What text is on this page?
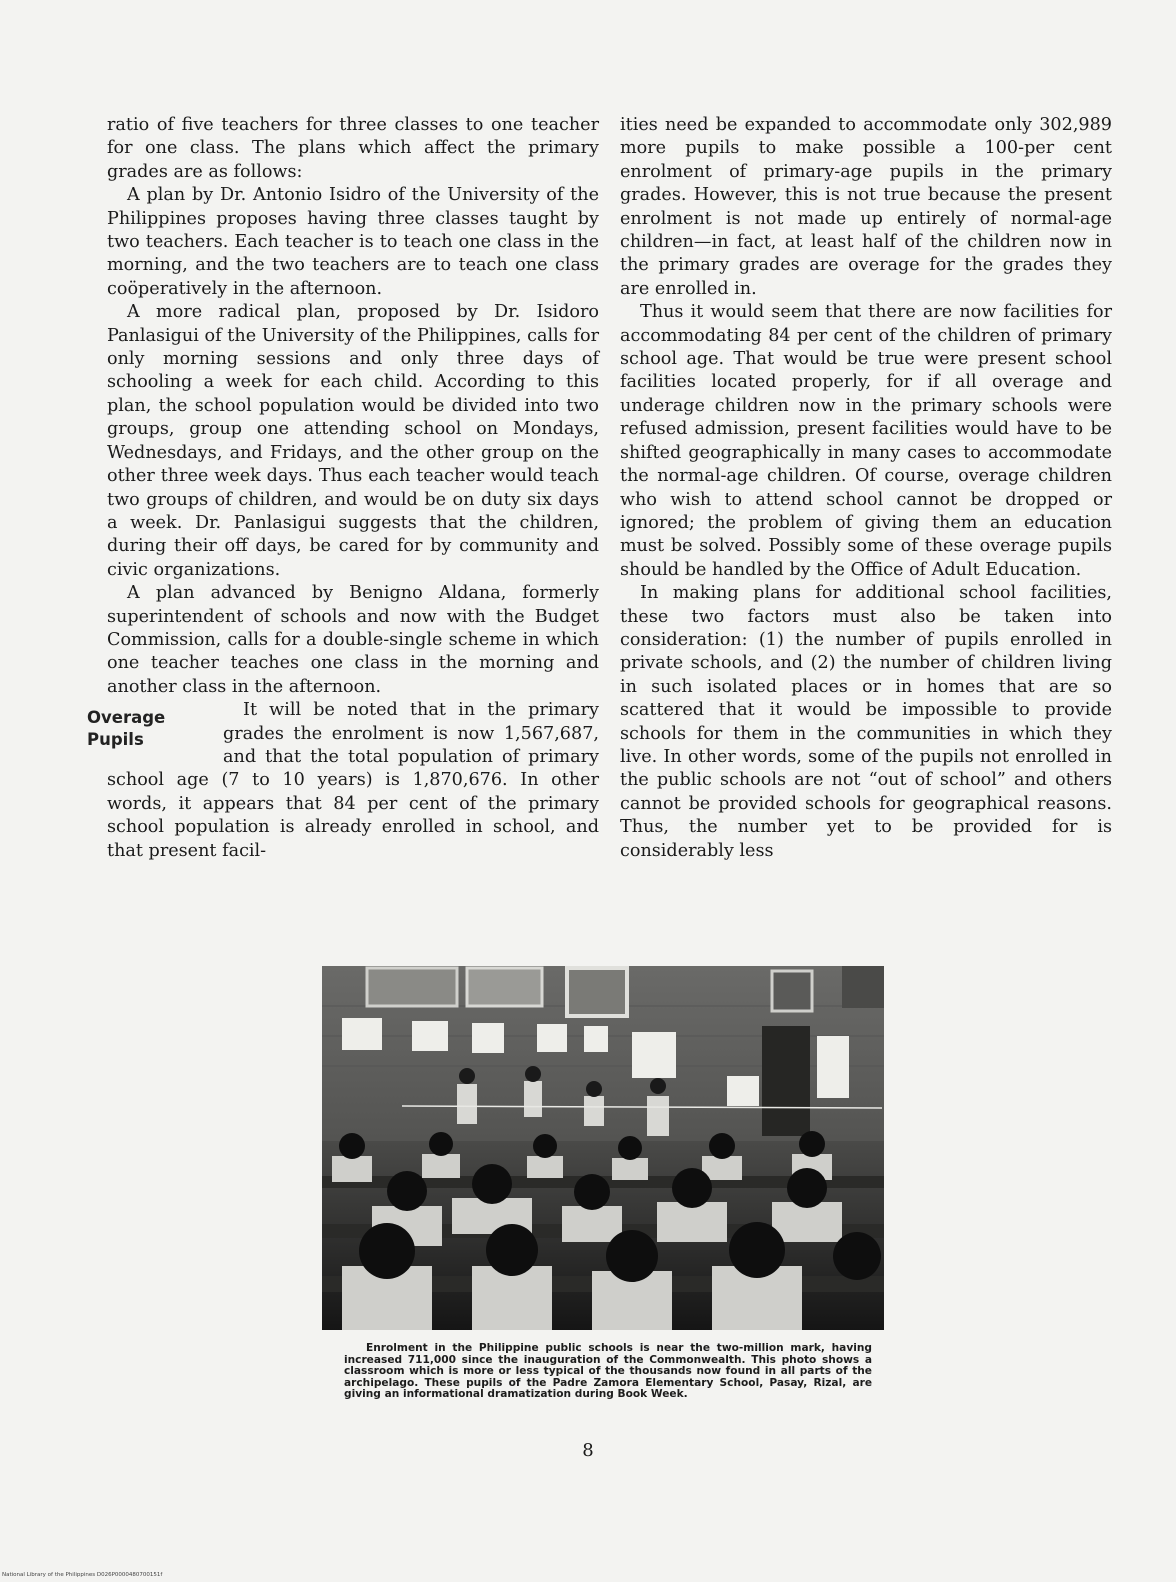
ratio of five teachers for three classes to one teacher for one class. The plans which affect the primary grades are as follows:

A plan by Dr. Antonio Isidro of the University of the Philippines proposes having three classes taught by two teachers. Each teacher is to teach one class in the morning, and the two teachers are to teach one class coöperatively in the afternoon.

A more radical plan, proposed by Dr. Isidoro Panlasigui of the University of the Philippines, calls for only morning sessions and only three days of schooling a week for each child. According to this plan, the school population would be divided into two groups, group one attending school on Mondays, Wednesdays, and Fridays, and the other group on the other three week days. Thus each teacher would teach two groups of children, and would be on duty six days a week. Dr. Panlasigui suggests that the children, during their off days, be cared for by community and civic organizations.

A plan advanced by Benigno Aldana, formerly superintendent of schools and now with the Budget Commission, calls for a double-single scheme in which one teacher teaches one class in the morning and another class in the afternoon.

Overage Pupils
It will be noted that in the primary grades the enrolment is now 1,567,687, and that the total population of primary school age (7 to 10 years) is 1,870,676. In other words, it appears that 84 per cent of the primary school population is already enrolled in school, and that present facil-

ities need be expanded to accommodate only 302,989 more pupils to make possible a 100-per cent enrolment of primary-age pupils in the primary grades. However, this is not true because the present enrolment is not made up entirely of normal-age children—in fact, at least half of the children now in the primary grades are overage for the grades they are enrolled in.

Thus it would seem that there are now facilities for accommodating 84 per cent of the children of primary school age. That would be true were present school facilities located properly, for if all overage and underage children now in the primary schools were refused admission, present facilities would have to be shifted geographically in many cases to accommodate the normal-age children. Of course, overage children who wish to attend school cannot be dropped or ignored; the problem of giving them an education must be solved. Possibly some of these overage pupils should be handled by the Office of Adult Education.

In making plans for additional school facilities, these two factors must also be taken into consideration: (1) the number of pupils enrolled in private schools, and (2) the number of children living in such isolated places or in homes that are so scattered that it would be impossible to provide schools for them in the communities in which they live. In other words, some of the pupils not enrolled in the public schools are not “out of school” and others cannot be provided schools for geographical reasons. Thus, the number yet to be provided for is considerably less

Enrolment in the Philippine public schools is near the two-million mark, having increased 711,000 since the inauguration of the Commonwealth. This photo shows a classroom which is more or less typical of the thousands now found in all parts of the archipelago. These pupils of the Padre Zamora Elementary School, Pasay, Rizal, are giving an informational dramatization during Book Week.
8
National Library of the Philippines D026P0000480700151f
